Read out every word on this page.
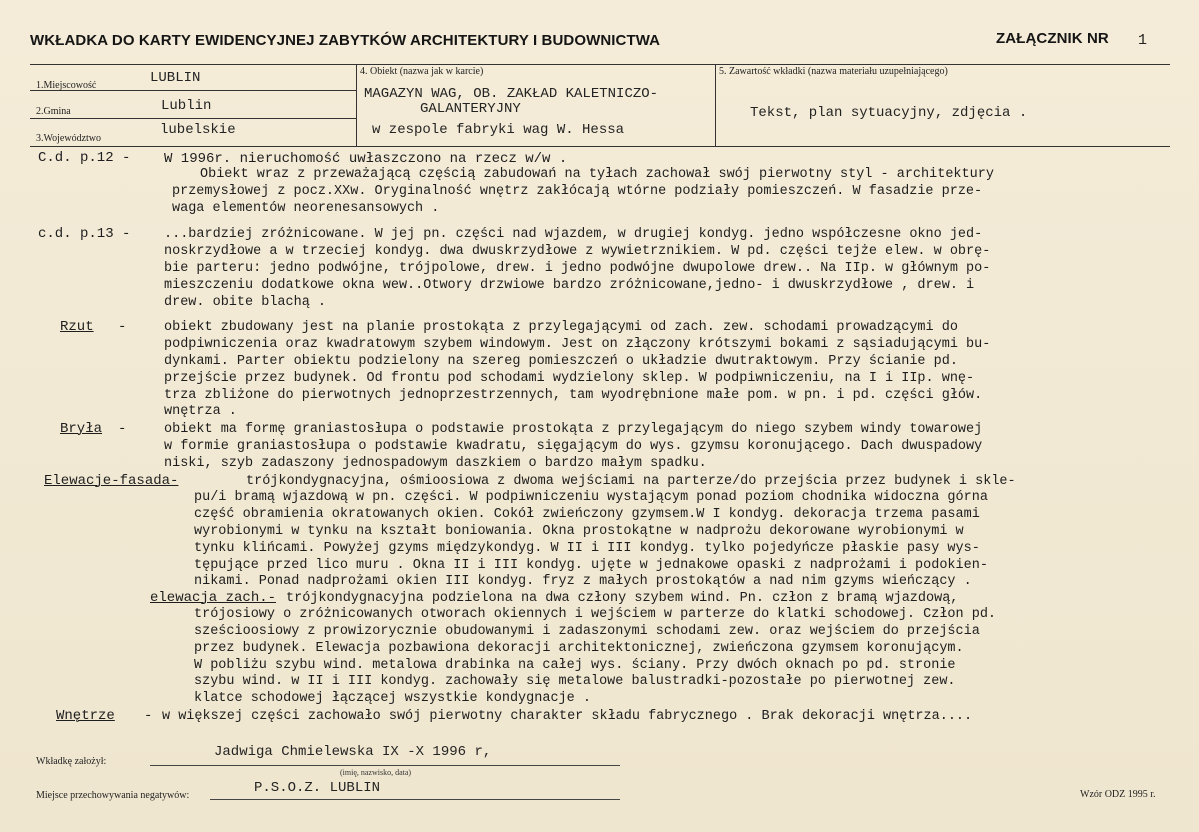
WKŁADKA DO KARTY EWIDENCYJNEJ ZABYTKÓW ARCHITEKTURY I BUDOWNICTWA	ZAŁĄCZNIK NR 1
1.Miejscowość	LUBLIN
2.Gmina	Lublin
3.Województwo
lubelskie
4. Obiekt (nazwa jak w karcie)
MAGAZYN WAG, OB. ZAKŁAD KALETNICZO-
GALANTERYJNY
w zespole fabryki wag W. Hessa
5. Zawartość wkładki (nazwa materiału uzupełniającego)
Tekst, plan sytuacyjny, zdjęcia .
C.d. p.12 - W 1996r. nieruchomość uwłaszczono na rzecz w/w .
Obiekt wraz z przeważającą częścią zabudowań na tyłach zachował swój pierwotny styl - architektury
przemysłowej z pocz.XXw. Oryginalność wnętrz zakłócają wtórne podziały pomieszczeń. W fasadzie prze-
waga elementów neorenesansowych .
c.d. p.13 - ...bardziej zróżnicowane. W jej pn. części nad wjazdem, w drugiej kondyg. jedno współczesne okno jed-
noskrzydłowe a w trzeciej kondyg. dwa dwuskrzydłowe z wywietrznikiem. W pd. części tejże elew. w obrę-
bie parteru: jedno podwójne, trójpolowe, drew. i jedno podwójne dwupolowe drew.. Na IIp. w głównym po-
mieszczeniu dodatkowe okna wew..Otwory drzwiowe bardzo zróżnicowane,jedno- i dwuskrzydłowe , drew. i
drew. obite blachą .
Rzut -	obiekt zbudowany jest na planie prostokąta z przylegającymi od zach. zew. schodami prowadzącymi do
podpiwniczenia oraz kwadratowym szybem windowym. Jest on złączony krótszymi bokami z sąsiadującymi bu-
dynkami. Parter obiektu podzielony na szereg pomieszczeń o układzie dwutraktowym. Przy ścianie pd.
przejście przez budynek. Od frontu pod schodami wydzielony sklep. W podpiwniczeniu, na I i IIp. wnę-
trza zbliżone do pierwotnych jednoprzestrzennych, tam wyodrębnione małe pom. w pn. i pd. części głów.
wnętrza .
Bryła -	obiekt ma formę graniastosłupa o podstawie prostokąta z przylegającym do niego szybem windy towarowej
w formie graniastosłupa o podstawie kwadratu, sięgającym do wys. gzymsu koronującego. Dach dwuspadowy
niski, szyb zadaszony jednospadowym daszkiem o bardzo małym spadku.
Elewacje-fasada-	trójkondygnacyjna, ośmioosiowa z dwoma wejściami na parterze/do przejścia przez budynek i skle-
pu/i bramą wjazdową w pn. części. W podpiwniczeniu wystającym ponad poziom chodnika widoczna górna
część obramienia okratowanych okien. Cokół zwieńczony gzymsem.W I kondyg. dekoracja trzema pasami
wyrobionymi w tynku na kształt boniowania. Okna prostokątne w nadprożu dekorowane wyrobionymi w
tynku klińcami. Powyżej gzyms międzykondyg. W II i III kondyg. tylko pojedyńcze płaskie pasy wys-
tępujące przed lico muru . Okna II i III kondyg. ujęte w jednakowe opaski z nadprożami i podokien-
nikami. Ponad nadprożami okien III kondyg. fryz z małych prostokątów a nad nim gzyms wieńczący .
elewacja zach.- trójkondygnacyjna podzielona na dwa człony szybem wind. Pn. człon z bramą wjazdową,
trójosiowy o zróżnicowanych otworach okiennych i wejściem w parterze do klatki schodowej. Człon pd.
sześcioosiowy z prowizorycznie obudowanymi i zadaszonymi schodami zew. oraz wejściem do przejścia
przez budynek. Elewacja pozbawiona dekoracji architektonicznej, zwieńczona gzymsem koronującym.
W pobliżu szybu wind. metalowa drabinka na całej wys. ściany. Przy dwóch oknach po pd. stronie
szybu wind. w II i III kondyg. zachowały się metalowe balustradki-pozostałe po pierwotnej zew.
klatce schodowej łączącej wszystkie kondygnacje .
Wnętrze - w większej części zachowało swój pierwotny charakter składu fabrycznego . Brak dekoracji wnętrza....
Wkładkę założył:
Jadwiga Chmielewska IX -X 1996 r,
(imię, nazwisko, data)
Miejsce przechowywania negatywów:	P.S.O.Z. LUBLIN	Wzór ODZ 1995 r.
